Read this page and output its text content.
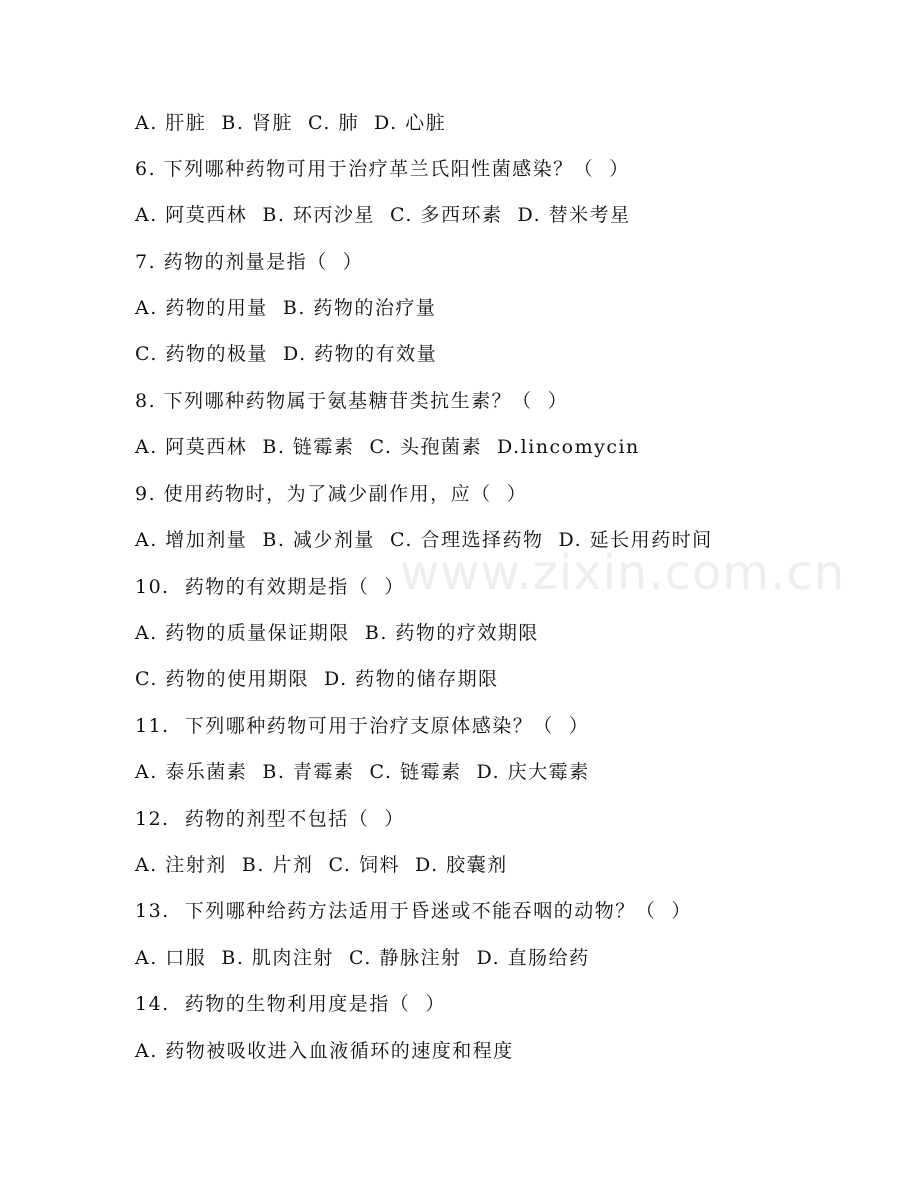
A. 肝脏  B. 肾脏  C. 肺  D. 心脏
6. 下列哪种药物可用于治疗革兰氏阳性菌感染？（  ）
A. 阿莫西林  B. 环丙沙星  C. 多西环素  D. 替米考星
7. 药物的剂量是指（  ）
A. 药物的用量  B. 药物的治疗量
C. 药物的极量  D. 药物的有效量
8. 下列哪种药物属于氨基糖苷类抗生素？（  ）
A. 阿莫西林  B. 链霉素  C. 头孢菌素  D.lincomycin
9. 使用药物时，为了减少副作用，应（  ）
A. 增加剂量  B. 减少剂量  C. 合理选择药物  D. 延长用药时间
10.  药物的有效期是指（  ）
A. 药物的质量保证期限  B. 药物的疗效期限
C. 药物的使用期限  D. 药物的储存期限
11.  下列哪种药物可用于治疗支原体感染？（  ）
A. 泰乐菌素  B. 青霉素  C. 链霉素  D. 庆大霉素
12.  药物的剂型不包括（  ）
A. 注射剂  B. 片剂  C. 饲料  D. 胶囊剂
13.  下列哪种给药方法适用于昏迷或不能吞咽的动物？（  ）
A. 口服  B. 肌肉注射  C. 静脉注射  D. 直肠给药
14.  药物的生物利用度是指（  ）
A. 药物被吸收进入血液循环的速度和程度
www.zixin.com.cn
